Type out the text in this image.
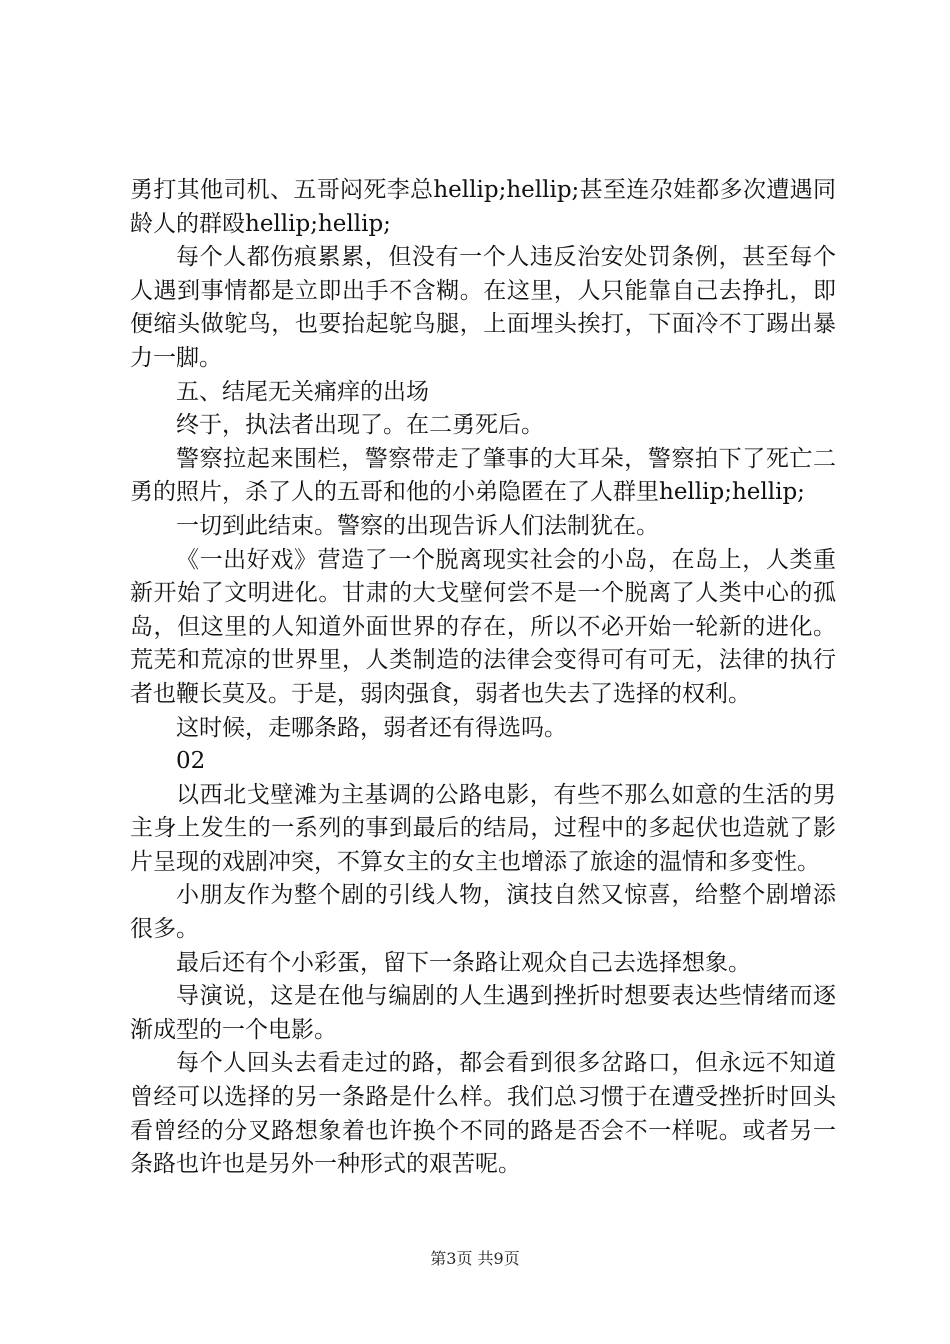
勇打其他司机、五哥闷死李总hellip;hellip;甚至连尕娃都多次遭遇同龄人的群殴hellip;hellip;

每个人都伤痕累累，但没有一个人违反治安处罚条例，甚至每个人遇到事情都是立即出手不含糊。在这里，人只能靠自己去挣扎，即便缩头做鸵鸟，也要抬起鸵鸟腿，上面埋头挨打，下面冷不丁踢出暴力一脚。

五、结尾无关痛痒的出场

终于，执法者出现了。在二勇死后。

警察拉起来围栏，警察带走了肇事的大耳朵，警察拍下了死亡二勇的照片，杀了人的五哥和他的小弟隐匿在了人群里hellip;hellip;

一切到此结束。警察的出现告诉人们法制犹在。

《一出好戏》营造了一个脱离现实社会的小岛，在岛上，人类重新开始了文明进化。甘肃的大戈壁何尝不是一个脱离了人类中心的孤岛，但这里的人知道外面世界的存在，所以不必开始一轮新的进化。荒芜和荒凉的世界里，人类制造的法律会变得可有可无，法律的执行者也鞭长莫及。于是，弱肉强食，弱者也失去了选择的权利。

这时候，走哪条路，弱者还有得选吗。

02

以西北戈壁滩为主基调的公路电影，有些不那么如意的生活的男主身上发生的一系列的事到最后的结局，过程中的多起伏也造就了影片呈现的戏剧冲突，不算女主的女主也增添了旅途的温情和多变性。

小朋友作为整个剧的引线人物，演技自然又惊喜，给整个剧增添很多。

最后还有个小彩蛋，留下一条路让观众自己去选择想象。

导演说，这是在他与编剧的人生遇到挫折时想要表达些情绪而逐渐成型的一个电影。

每个人回头去看走过的路，都会看到很多岔路口，但永远不知道曾经可以选择的另一条路是什么样。我们总习惯于在遭受挫折时回头看曾经的分叉路想象着也许换个不同的路是否会不一样呢。或者另一条路也许也是另外一种形式的艰苦呢。

第3页 共9页
